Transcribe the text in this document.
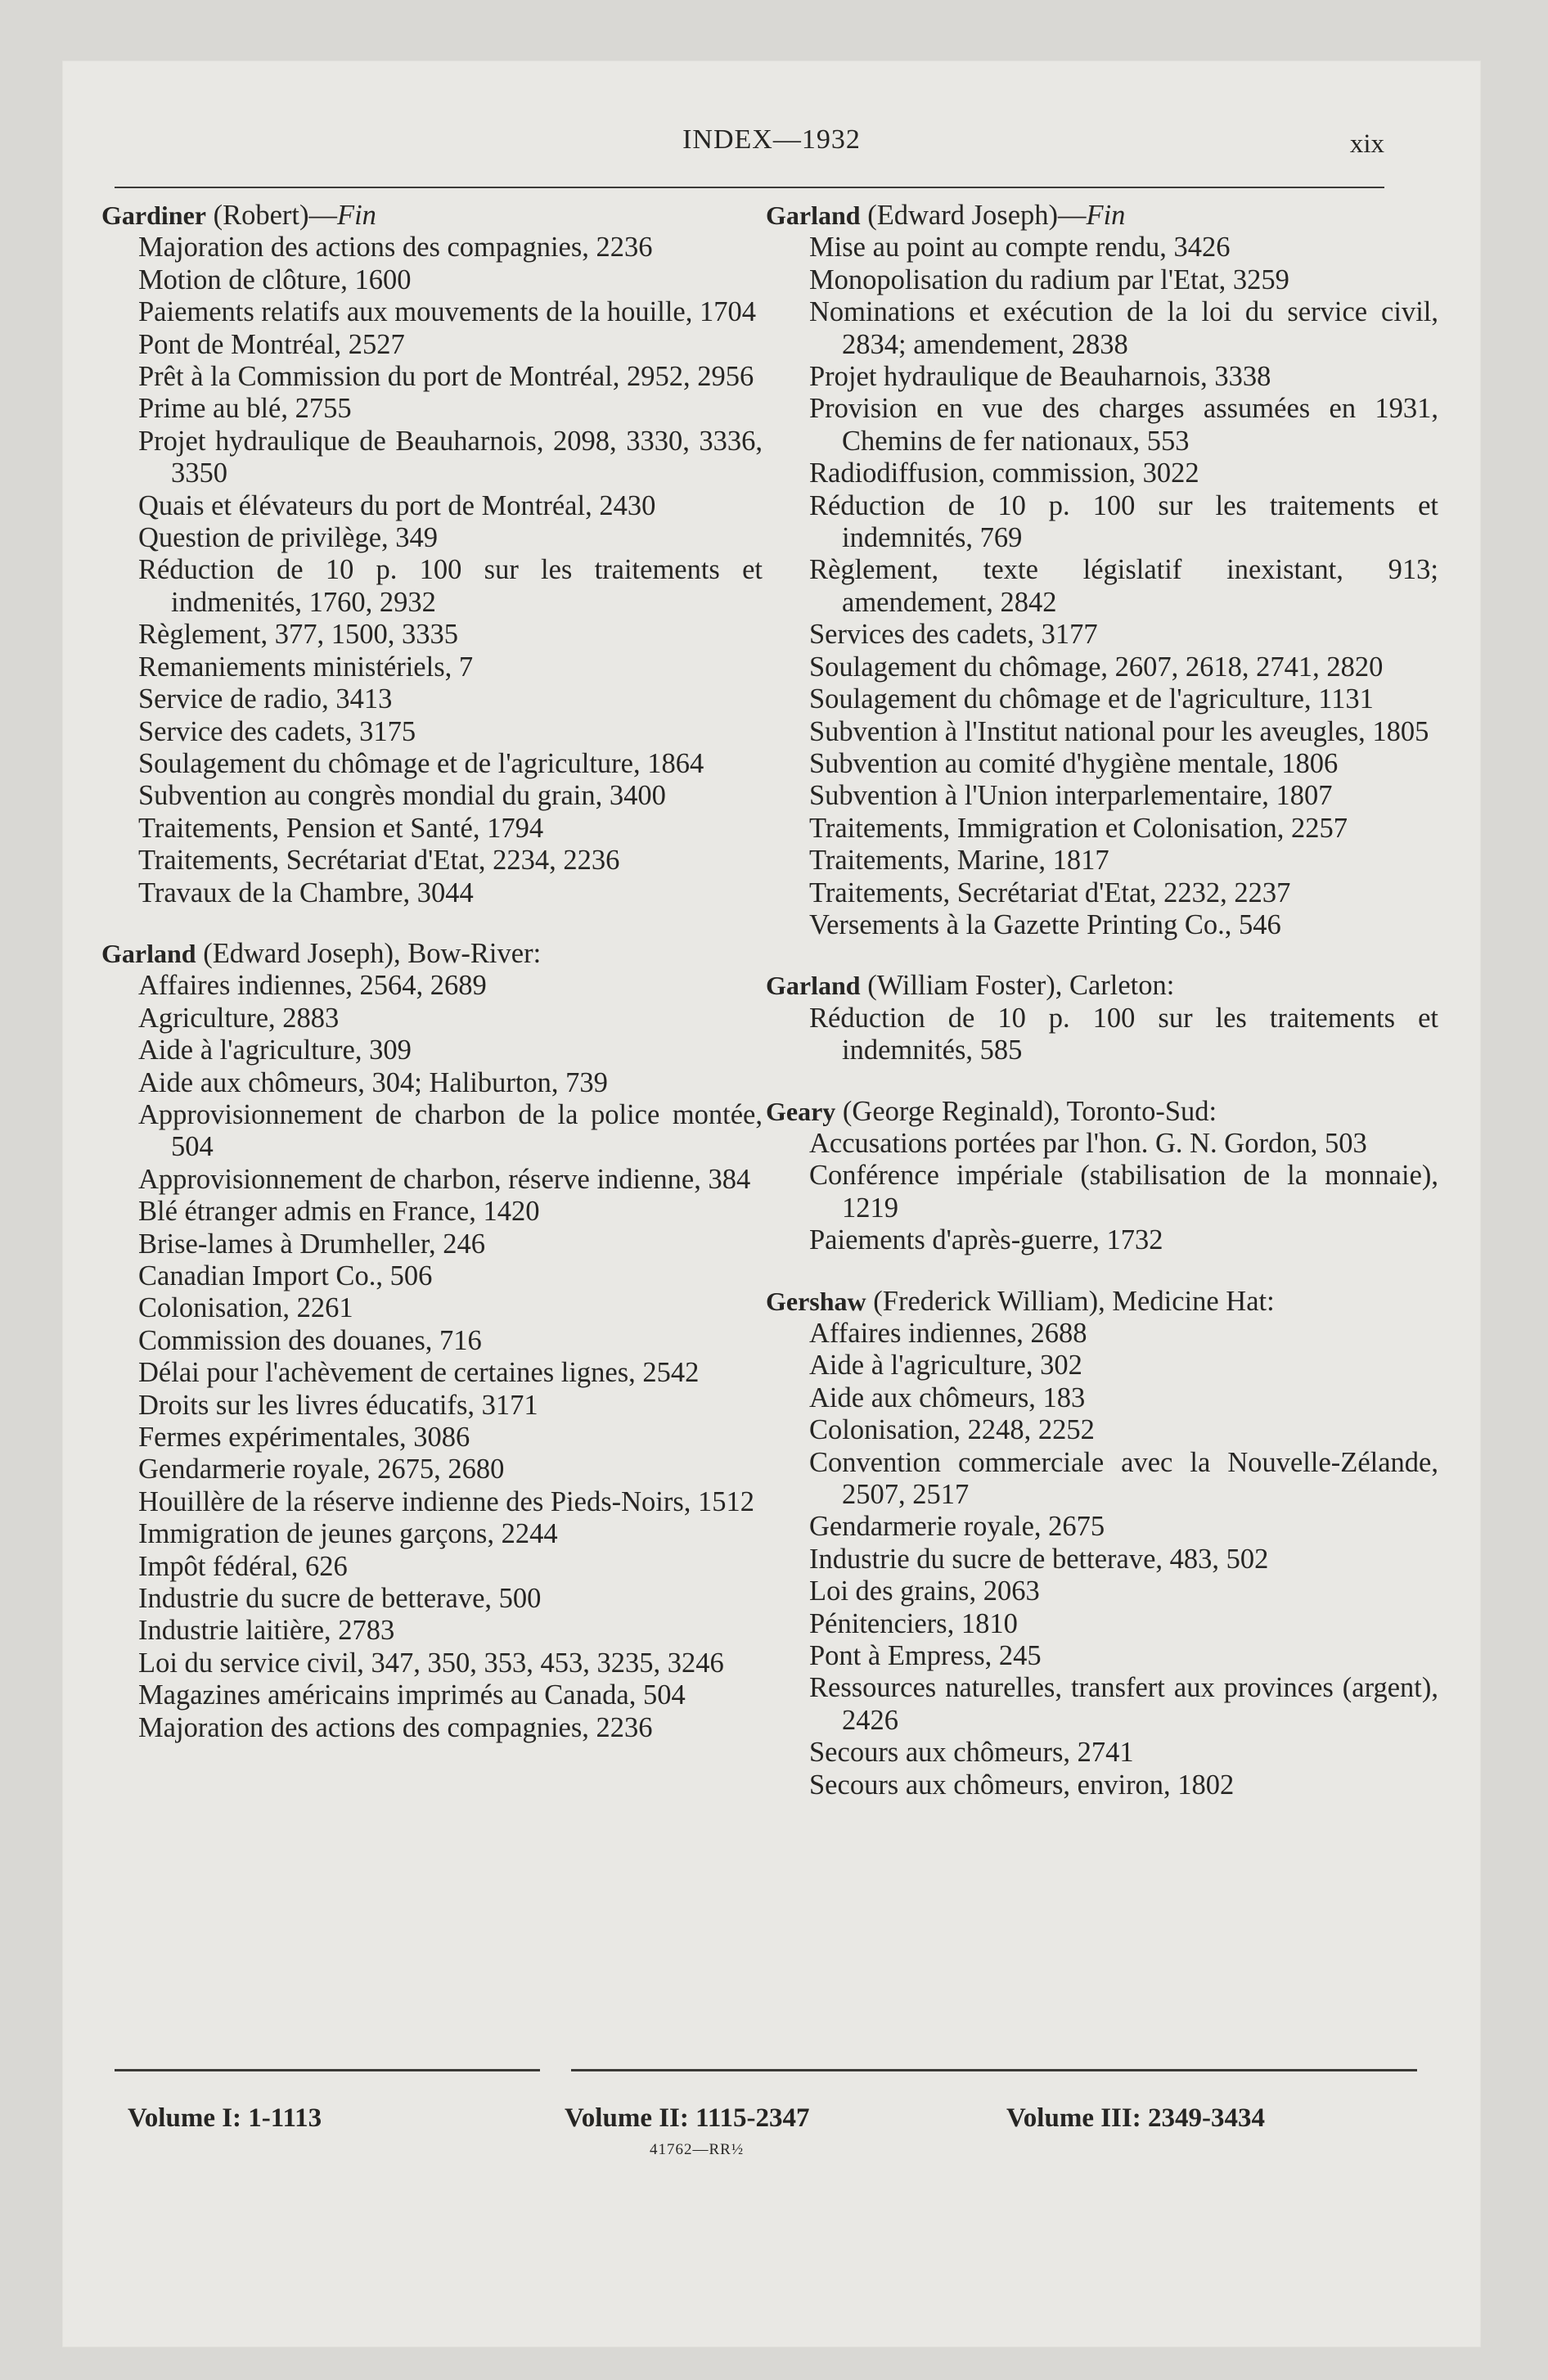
INDEX—1932	xix
Gardiner (Robert)—Fin
Majoration des actions des compagnies, 2236
Motion de clôture, 1600
Paiements relatifs aux mouvements de la houille, 1704
Pont de Montréal, 2527
Prêt à la Commission du port de Montréal, 2952, 2956
Prime au blé, 2755
Projet hydraulique de Beauharnois, 2098, 3330, 3336, 3350
Quais et élévateurs du port de Montréal, 2430
Question de privilège, 349
Réduction de 10 p. 100 sur les traitements et indmenités, 1760, 2932
Règlement, 377, 1500, 3335
Remaniements ministériels, 7
Service de radio, 3413
Service des cadets, 3175
Soulagement du chômage et de l'agriculture, 1864
Subvention au congrès mondial du grain, 3400
Traitements, Pension et Santé, 1794
Traitements, Secrétariat d'Etat, 2234, 2236
Travaux de la Chambre, 3044
Garland (Edward Joseph), Bow-River:
Affaires indiennes, 2564, 2689
Agriculture, 2883
Aide à l'agriculture, 309
Aide aux chômeurs, 304; Haliburton, 739
Approvisionnement de charbon de la police montée, 504
Approvisionnement de charbon, réserve indienne, 384
Blé étranger admis en France, 1420
Brise-lames à Drumheller, 246
Canadian Import Co., 506
Colonisation, 2261
Commission des douanes, 716
Délai pour l'achèvement de certaines lignes, 2542
Droits sur les livres éducatifs, 3171
Fermes expérimentales, 3086
Gendarmerie royale, 2675, 2680
Houillère de la réserve indienne des Pieds-Noirs, 1512
Immigration de jeunes garçons, 2244
Impôt fédéral, 626
Industrie du sucre de betterave, 500
Industrie laitière, 2783
Loi du service civil, 347, 350, 353, 453, 3235, 3246
Magazines américains imprimés au Canada, 504
Majoration des actions des compagnies, 2236
Garland (Edward Joseph)—Fin
Mise au point au compte rendu, 3426
Monopolisation du radium par l'Etat, 3259
Nominations et exécution de la loi du service civil, 2834; amendement, 2838
Projet hydraulique de Beauharnois, 3338
Provision en vue des charges assumées en 1931, Chemins de fer nationaux, 553
Radiodiffusion, commission, 3022
Réduction de 10 p. 100 sur les traitements et indemnités, 769
Règlement, texte législatif inexistant, 913; amendement, 2842
Services des cadets, 3177
Soulagement du chômage, 2607, 2618, 2741, 2820
Soulagement du chômage et de l'agriculture, 1131
Subvention à l'Institut national pour les aveugles, 1805
Subvention au comité d'hygiène mentale, 1806
Subvention à l'Union interparlementaire, 1807
Traitements, Immigration et Colonisation, 2257
Traitements, Marine, 1817
Traitements, Secrétariat d'Etat, 2232, 2237
Versements à la Gazette Printing Co., 546
Garland (William Foster), Carleton:
Réduction de 10 p. 100 sur les traitements et indemnités, 585
Geary (George Reginald), Toronto-Sud:
Accusations portées par l'hon. G. N. Gordon, 503
Conférence impériale (stabilisation de la monnaie), 1219
Paiements d'après-guerre, 1732
Gershaw (Frederick William), Medicine Hat:
Affaires indiennes, 2688
Aide à l'agriculture, 302
Aide aux chômeurs, 183
Colonisation, 2248, 2252
Convention commerciale avec la Nouvelle-Zélande, 2507, 2517
Gendarmerie royale, 2675
Industrie du sucre de betterave, 483, 502
Loi des grains, 2063
Pénitenciers, 1810
Pont à Empress, 245
Ressources naturelles, transfert aux provinces (argent), 2426
Secours aux chômeurs, 2741
Secours aux chômeurs, environ, 1802
Volume I: 1-1113	Volume II: 1115-2347	Volume III: 2349-3434
41762—RR½
